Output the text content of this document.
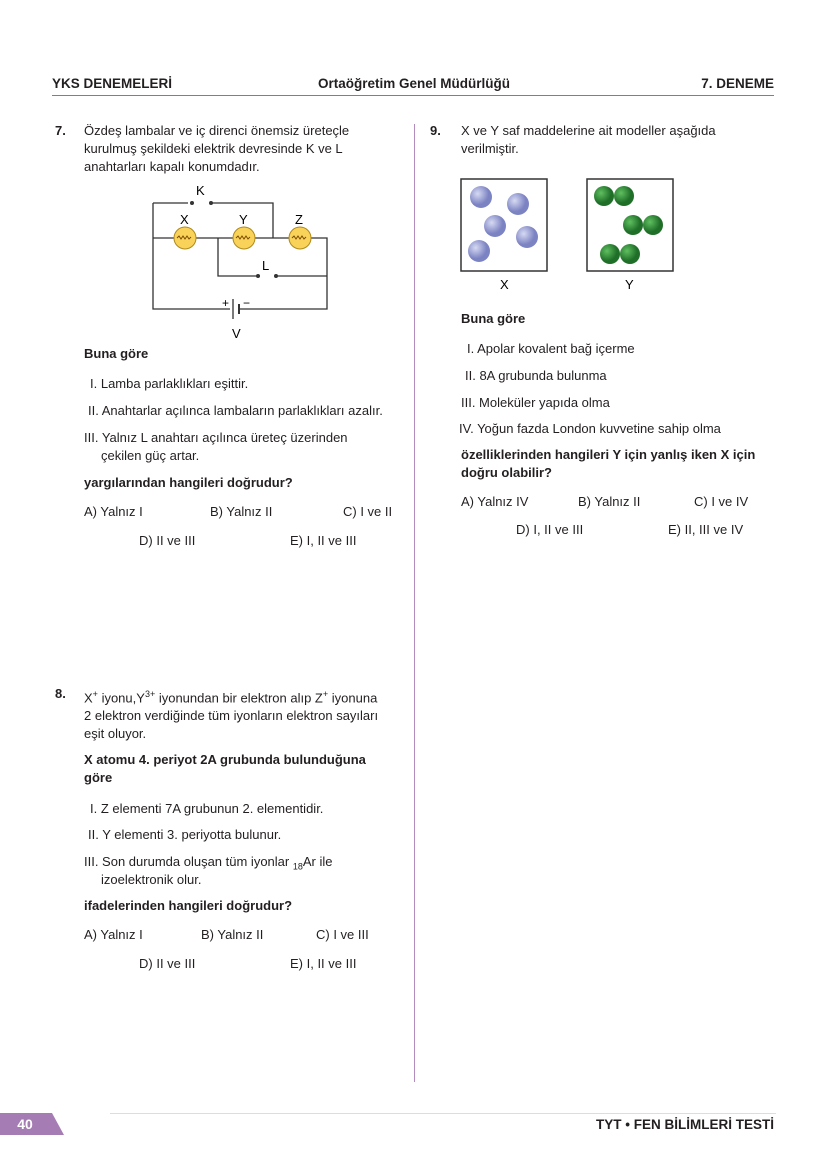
YKS DENEMELERİ	Ortaöğretim Genel Müdürlüğü	7. DENEME
7. Özdeş lambalar ve iç direnci önemsiz üreteçle
kurulmuş şekildeki elektrik devresinde K ve L
anahtarları kapalı konumdadır.
K
X	Y	Z
L
+ −
V
Buna göre
I. Lamba parlaklıkları eşittir.
II. Anahtarlar açılınca lambaların parlaklıkları azalır.
III. Yalnız L anahtarı açılınca üreteç üzerinden
çekilen güç artar.
yargılarından hangileri doğrudur?
A) Yalnız I	B) Yalnız II	C) I ve II
D) II ve III	E) I, II ve III
8. X+ $iyonu,Y^{3+}$ iyonundan bir elektron alıp Z+ iyonuna
2 elektron verdiğinde tüm iyonların elektron sayıları
eşit oluyor.
X atomu 4. periyot 2A grubunda bulunduğuna
göre
I. Z elementi 7A grubunun 2. elementidir.
II. Y elementi 3. periyotta bulunur.
III. Son durumda oluşan tüm iyonlar $_{18}$Ar ile
izoelektronik olur.
ifadelerinden hangileri doğrudur?
A) Yalnız I	B) Yalnız II	C) I ve III
D) II ve III	E) I, II ve III
9. X ve Y saf maddelerine ait modeller aşağıda
verilmiştir.
X	Y
Buna göre
I. Apolar kovalent bağ içerme
II. 8A grubunda bulunma
III. Moleküler yapıda olma
IV. Yoğun fazda London kuvvetine sahip olma
özelliklerinden hangileri Y için yanlış iken X için
doğru olabilir?
A) Yalnız IV	B) Yalnız II	C) I ve IV
D) I, II ve III	E) II, III ve IV
40	TYT • FEN BİLİMLERİ TESTİ
